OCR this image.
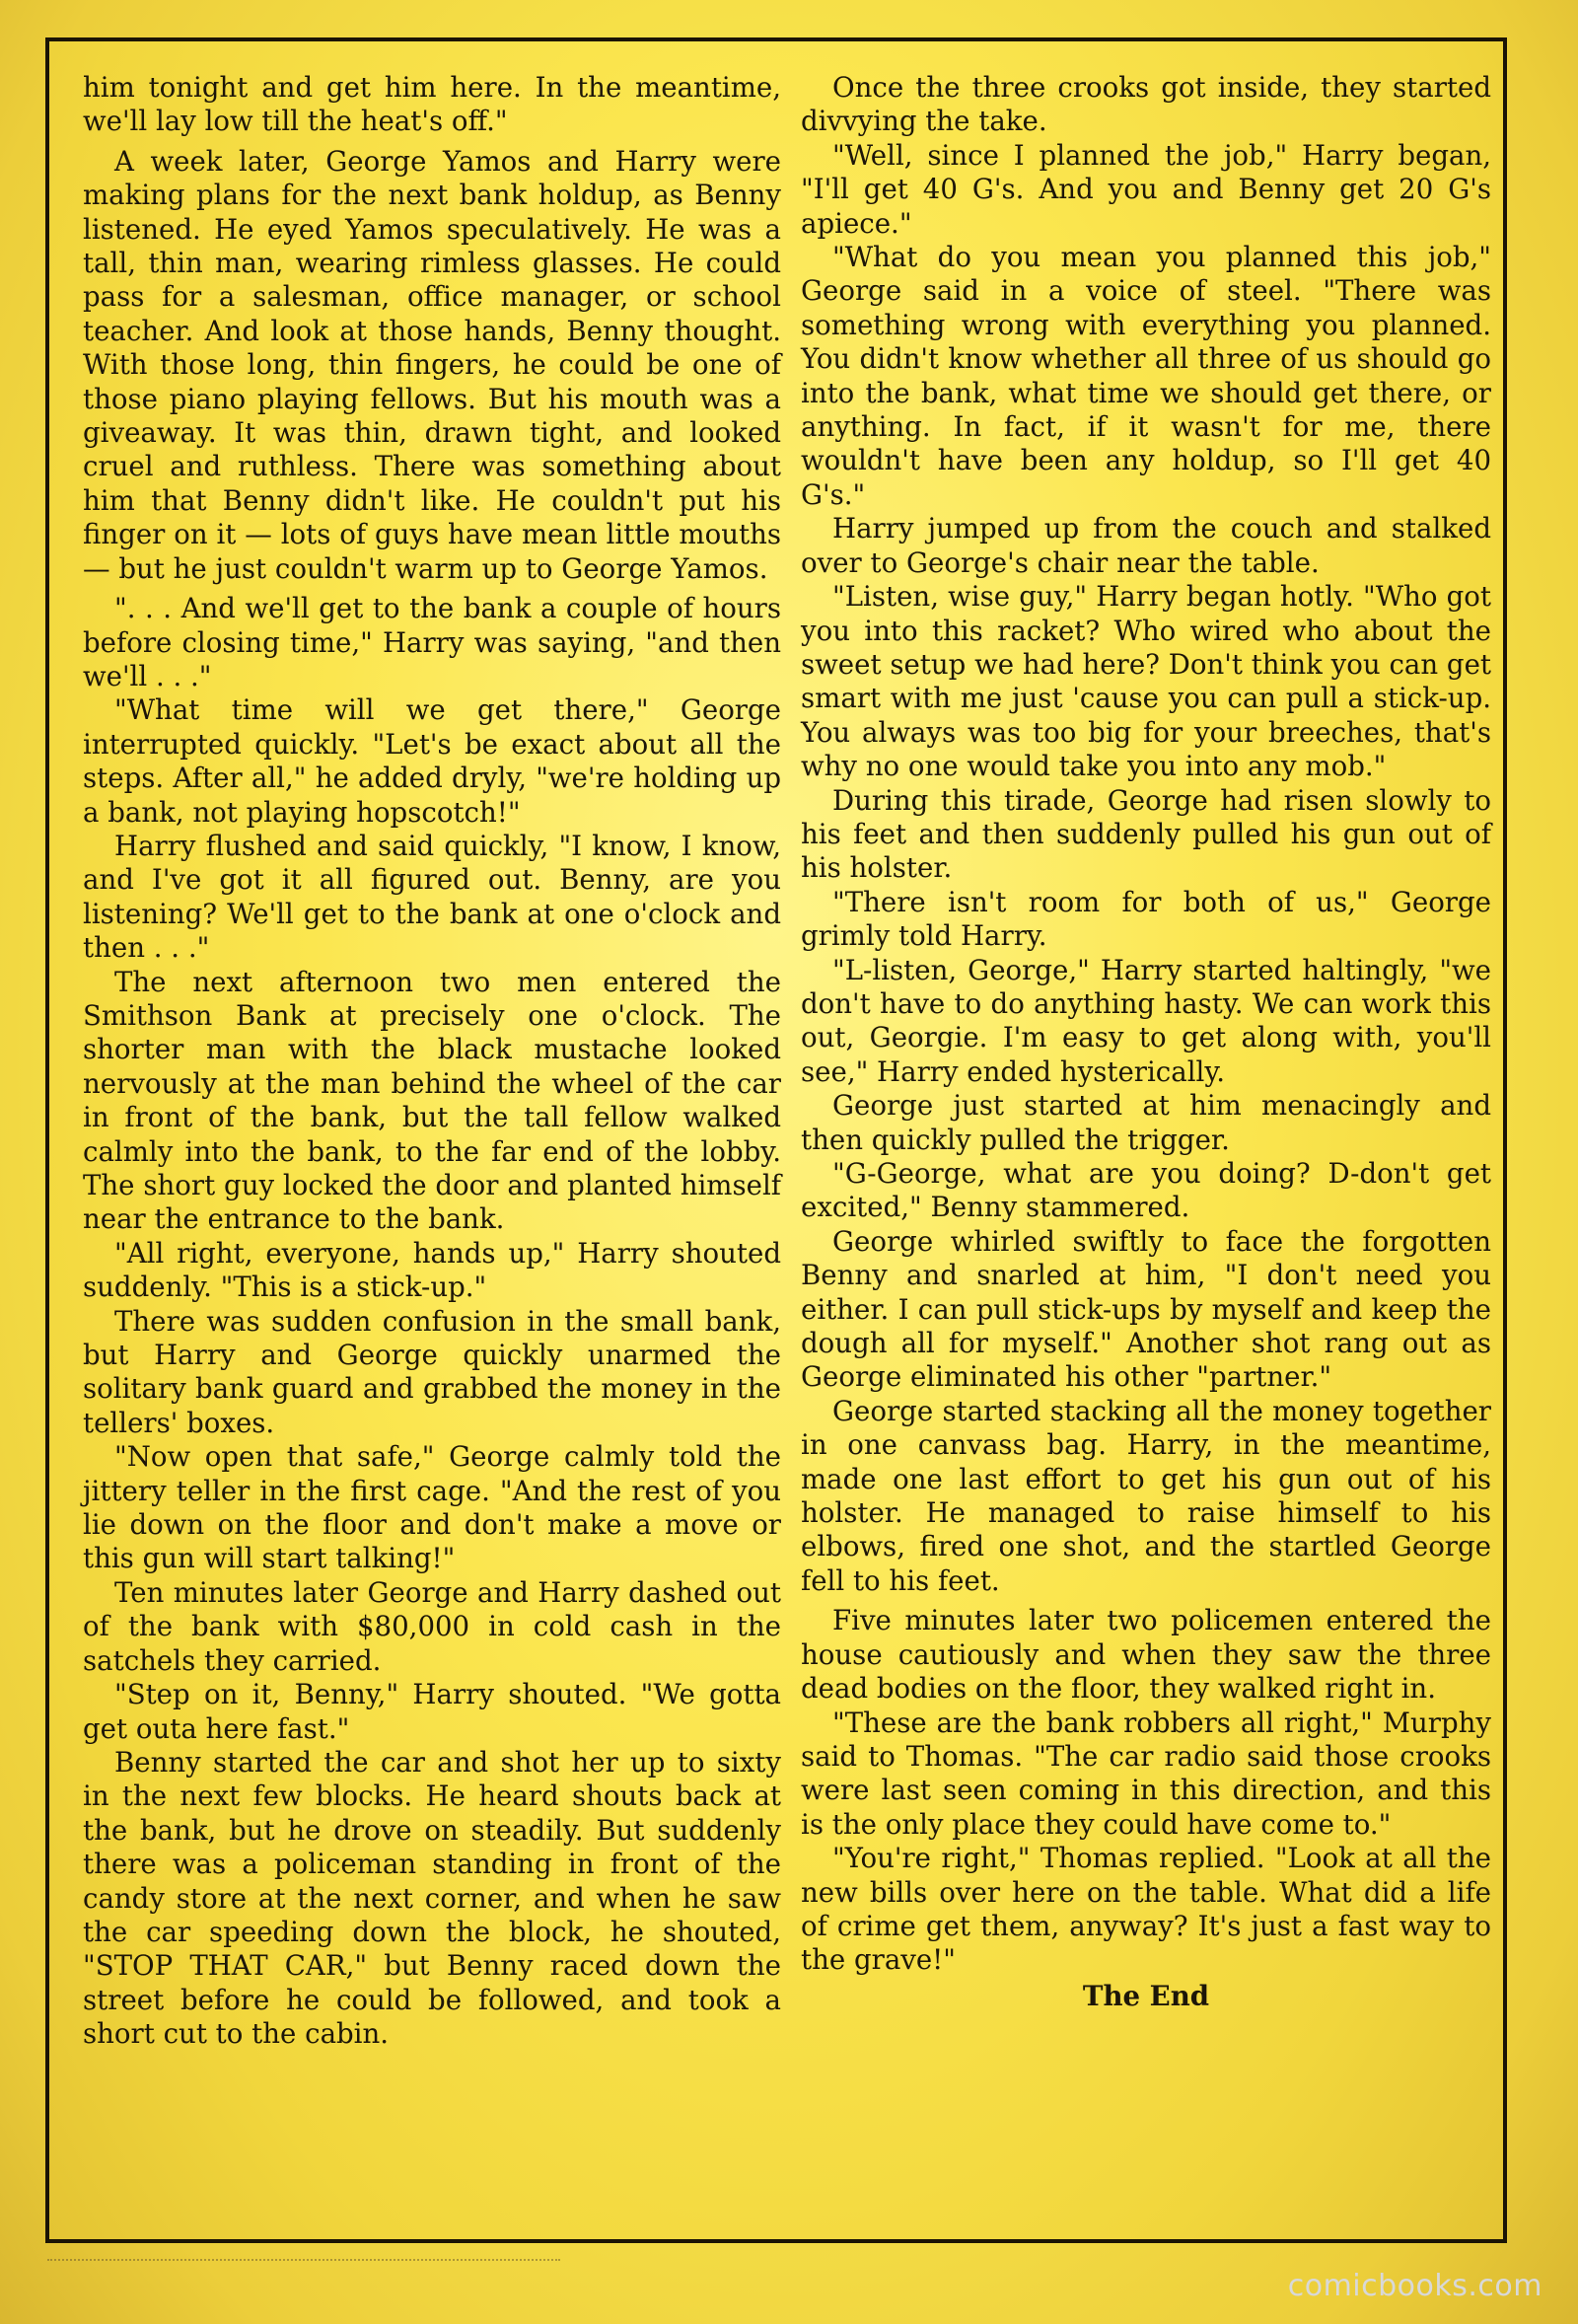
him tonight and get him here. In the meantime, we'll lay low till the heat's off."

A week later, George Yamos and Harry were making plans for the next bank holdup, as Benny listened. He eyed Yamos speculatively. He was a tall, thin man, wearing rimless glasses. He could pass for a salesman, office manager, or school teacher. And look at those hands, Benny thought. With those long, thin fingers, he could be one of those piano playing fellows. But his mouth was a giveaway. It was thin, drawn tight, and looked cruel and ruthless. There was something about him that Benny didn't like. He couldn't put his finger on it — lots of guys have mean little mouths — but he just couldn't warm up to George Yamos.

". . . And we'll get to the bank a couple of hours before closing time," Harry was saying, "and then we'll . . ."

"What time will we get there," George interrupted quickly. "Let's be exact about all the steps. After all," he added dryly, "we're holding up a bank, not playing hopscotch!"

Harry flushed and said quickly, "I know, I know, and I've got it all figured out. Benny, are you listening? We'll get to the bank at one o'clock and then . . ."

The next afternoon two men entered the Smithson Bank at precisely one o'clock. The shorter man with the black mustache looked nervously at the man behind the wheel of the car in front of the bank, but the tall fellow walked calmly into the bank, to the far end of the lobby. The short guy locked the door and planted himself near the entrance to the bank.

"All right, everyone, hands up," Harry shouted suddenly. "This is a stick-up."

There was sudden confusion in the small bank, but Harry and George quickly unarmed the solitary bank guard and grabbed the money in the tellers' boxes.

"Now open that safe," George calmly told the jittery teller in the first cage. "And the rest of you lie down on the floor and don't make a move or this gun will start talking!"

Ten minutes later George and Harry dashed out of the bank with $80,000 in cold cash in the satchels they carried.

"Step on it, Benny," Harry shouted. "We gotta get outa here fast."

Benny started the car and shot her up to sixty in the next few blocks. He heard shouts back at the bank, but he drove on steadily. But suddenly there was a policeman standing in front of the candy store at the next corner, and when he saw the car speeding down the block, he shouted, "STOP THAT CAR," but Benny raced down the street before he could be followed, and took a short cut to the cabin.

Once the three crooks got inside, they started divvying the take.

"Well, since I planned the job," Harry began, "I'll get 40 G's. And you and Benny get 20 G's apiece."

"What do you mean you planned this job," George said in a voice of steel. "There was something wrong with everything you planned. You didn't know whether all three of us should go into the bank, what time we should get there, or anything. In fact, if it wasn't for me, there wouldn't have been any holdup, so I'll get 40 G's."

Harry jumped up from the couch and stalked over to George's chair near the table.

"Listen, wise guy," Harry began hotly. "Who got you into this racket? Who wired who about the sweet setup we had here? Don't think you can get smart with me just 'cause you can pull a stick-up. You always was too big for your breeches, that's why no one would take you into any mob."

During this tirade, George had risen slowly to his feet and then suddenly pulled his gun out of his holster.

"There isn't room for both of us," George grimly told Harry.

"L-listen, George," Harry started haltingly, "we don't have to do anything hasty. We can work this out, Georgie. I'm easy to get along with, you'll see," Harry ended hysterically.

George just started at him menacingly and then quickly pulled the trigger.

"G-George, what are you doing? D-don't get excited," Benny stammered.

George whirled swiftly to face the forgotten Benny and snarled at him, "I don't need you either. I can pull stick-ups by myself and keep the dough all for myself." Another shot rang out as George eliminated his other "partner."

George started stacking all the money together in one canvass bag. Harry, in the meantime, made one last effort to get his gun out of his holster. He managed to raise himself to his elbows, fired one shot, and the startled George fell to his feet.

Five minutes later two policemen entered the house cautiously and when they saw the three dead bodies on the floor, they walked right in.

"These are the bank robbers all right," Murphy said to Thomas. "The car radio said those crooks were last seen coming in this direction, and this is the only place they could have come to."

"You're right," Thomas replied. "Look at all the new bills over here on the table. What did a life of crime get them, anyway? It's just a fast way to the grave!"

The End

comicbooks.com
